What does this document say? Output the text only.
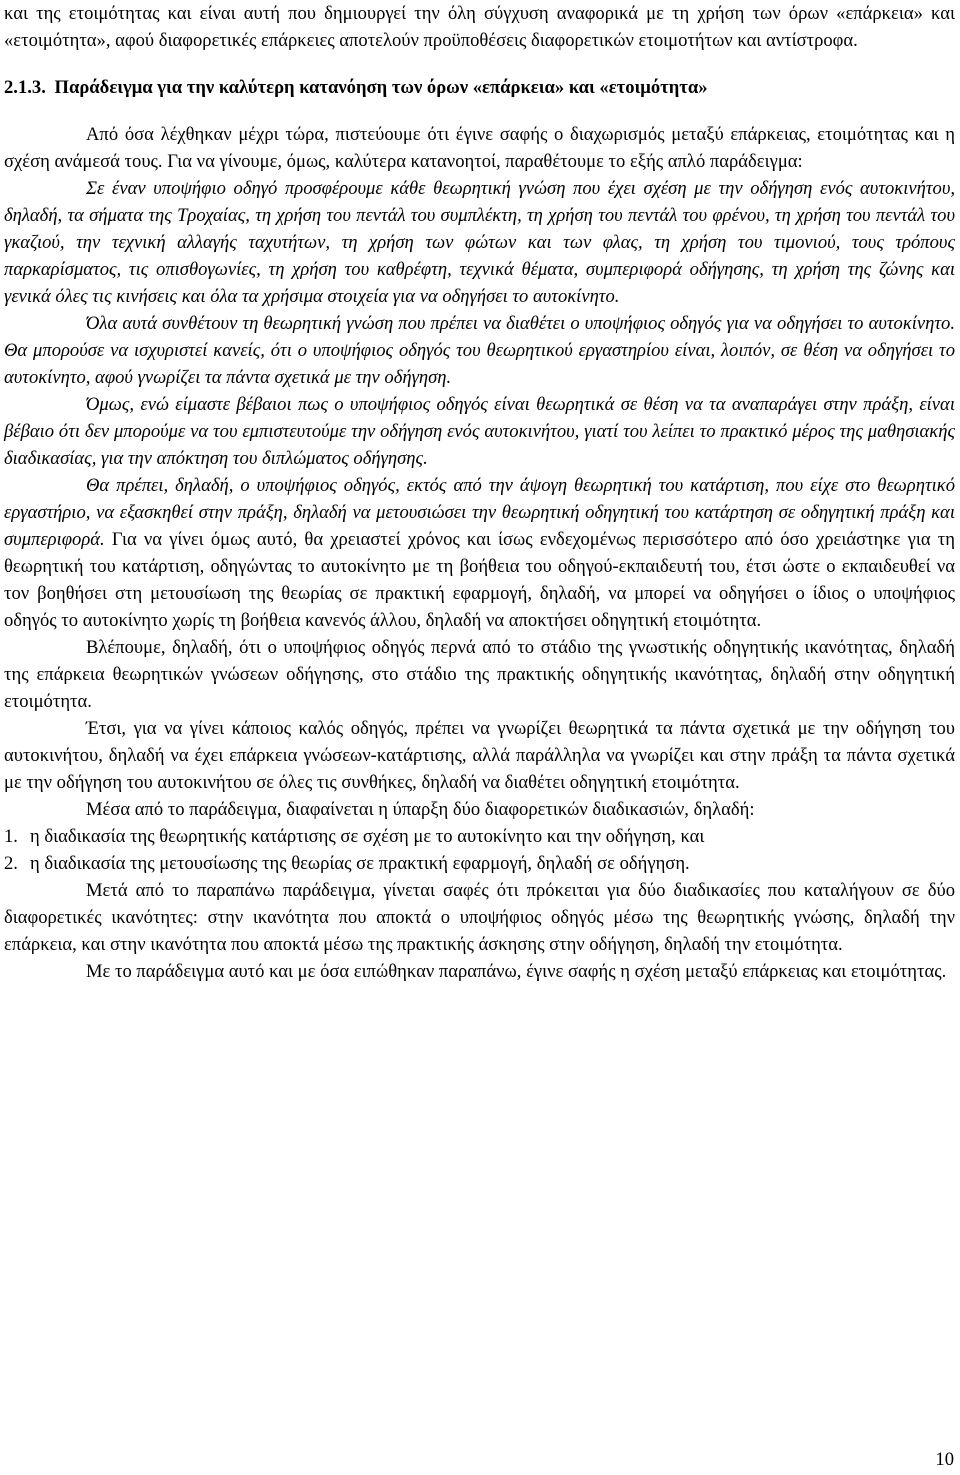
και της ετοιμότητας και είναι αυτή που δημιουργεί την όλη σύγχυση αναφορικά με τη χρήση των όρων «επάρκεια» και «ετοιμότητα», αφού διαφορετικές επάρκειες αποτελούν προϋποθέσεις διαφορετικών ετοιμοτήτων και αντίστροφα.

2.1.3. Παράδειγμα για την καλύτερη κατανόηση των όρων «επάρκεια» και «ετοιμότητα»

Από όσα λέχθηκαν μέχρι τώρα, πιστεύουμε ότι έγινε σαφής ο διαχωρισμός μεταξύ επάρκειας, ετοιμότητας και η σχέση ανάμεσά τους. Για να γίνουμε, όμως, καλύτερα κατανοητοί, παραθέτουμε το εξής απλό παράδειγμα:

Σε έναν υποψήφιο οδηγό προσφέρουμε κάθε θεωρητική γνώση που έχει σχέση με την οδήγηση ενός αυτοκινήτου, δηλαδή, τα σήματα της Τροχαίας, τη χρήση του πεντάλ του συμπλέκτη, τη χρήση του πεντάλ του φρένου, τη χρήση του πεντάλ του γκαζιού, την τεχνική αλλαγής ταχυτήτων, τη χρήση των φώτων και των φλας, τη χρήση του τιμονιού, τους τρόπους παρκαρίσματος, τις οπισθογωνίες, τη χρήση του καθρέφτη, τεχνικά θέματα, συμπεριφορά οδήγησης, τη χρήση της ζώνης και γενικά όλες τις κινήσεις και όλα τα χρήσιμα στοιχεία για να οδηγήσει το αυτοκίνητο.

Όλα αυτά συνθέτουν τη θεωρητική γνώση που πρέπει να διαθέτει ο υποψήφιος οδηγός για να οδηγήσει το αυτοκίνητο. Θα μπορούσε να ισχυριστεί κανείς, ότι ο υποψήφιος οδηγός του θεωρητικού εργαστηρίου είναι, λοιπόν, σε θέση να οδηγήσει το αυτοκίνητο, αφού γνωρίζει τα πάντα σχετικά με την οδήγηση.

Όμως, ενώ είμαστε βέβαιοι πως ο υποψήφιος οδηγός είναι θεωρητικά σε θέση να τα αναπαράγει στην πράξη, είναι βέβαιο ότι δεν μπορούμε να του εμπιστευτούμε την οδήγηση ενός αυτοκινήτου, γιατί του λείπει το πρακτικό μέρος της μαθησιακής διαδικασίας, για την απόκτηση του διπλώματος οδήγησης.

Θα πρέπει, δηλαδή, ο υποψήφιος οδηγός, εκτός από την άψογη θεωρητική του κατάρτιση, που είχε στο θεωρητικό εργαστήριο, να εξασκηθεί στην πράξη, δηλαδή να μετουσιώσει την θεωρητική οδηγητική του κατάρτηση σε οδηγητική πράξη και συμπεριφορά. Για να γίνει όμως αυτό, θα χρειαστεί χρόνος και ίσως ενδεχομένως περισσότερο από όσο χρειάστηκε για τη θεωρητική του κατάρτιση, οδηγώντας το αυτοκίνητο με τη βοήθεια του οδηγού-εκπαιδευτή του, έτσι ώστε ο εκπαιδευθεί να τον βοηθήσει στη μετουσίωση της θεωρίας σε πρακτική εφαρμογή, δηλαδή, να μπορεί να οδηγήσει ο ίδιος ο υποψήφιος οδηγός το αυτοκίνητο χωρίς τη βοήθεια κανενός άλλου, δηλαδή να αποκτήσει οδηγητική ετοιμότητα.

Βλέπουμε, δηλαδή, ότι ο υποψήφιος οδηγός περνά από το στάδιο της γνωστικής οδηγητικής ικανότητας, δηλαδή της επάρκεια θεωρητικών γνώσεων οδήγησης, στο στάδιο της πρακτικής οδηγητικής ικανότητας, δηλαδή στην οδηγητική ετοιμότητα.

Έτσι, για να γίνει κάποιος καλός οδηγός, πρέπει να γνωρίζει θεωρητικά τα πάντα σχετικά με την οδήγηση του αυτοκινήτου, δηλαδή να έχει επάρκεια γνώσεων-κατάρτισης, αλλά παράλληλα να γνωρίζει και στην πράξη τα πάντα σχετικά με την οδήγηση του αυτοκινήτου σε όλες τις συνθήκες, δηλαδή να διαθέτει οδηγητική ετοιμότητα.

Μέσα από το παράδειγμα, διαφαίνεται η ύπαρξη δύο διαφορετικών διαδικασιών, δηλαδή:

1. η διαδικασία της θεωρητικής κατάρτισης σε σχέση με το αυτοκίνητο και την οδήγηση, και
2. η διαδικασία της μετουσίωσης της θεωρίας σε πρακτική εφαρμογή, δηλαδή σε οδήγηση.

Μετά από το παραπάνω παράδειγμα, γίνεται σαφές ότι πρόκειται για δύο διαδικασίες που καταλήγουν σε δύο διαφορετικές ικανότητες: στην ικανότητα που αποκτά ο υποψήφιος οδηγός μέσω της θεωρητικής γνώσης, δηλαδή την επάρκεια, και στην ικανότητα που αποκτά μέσω της πρακτικής άσκησης στην οδήγηση, δηλαδή την ετοιμότητα.

Με το παράδειγμα αυτό και με όσα ειπώθηκαν παραπάνω, έγινε σαφής η σχέση μεταξύ επάρκειας και ετοιμότητας.

10
